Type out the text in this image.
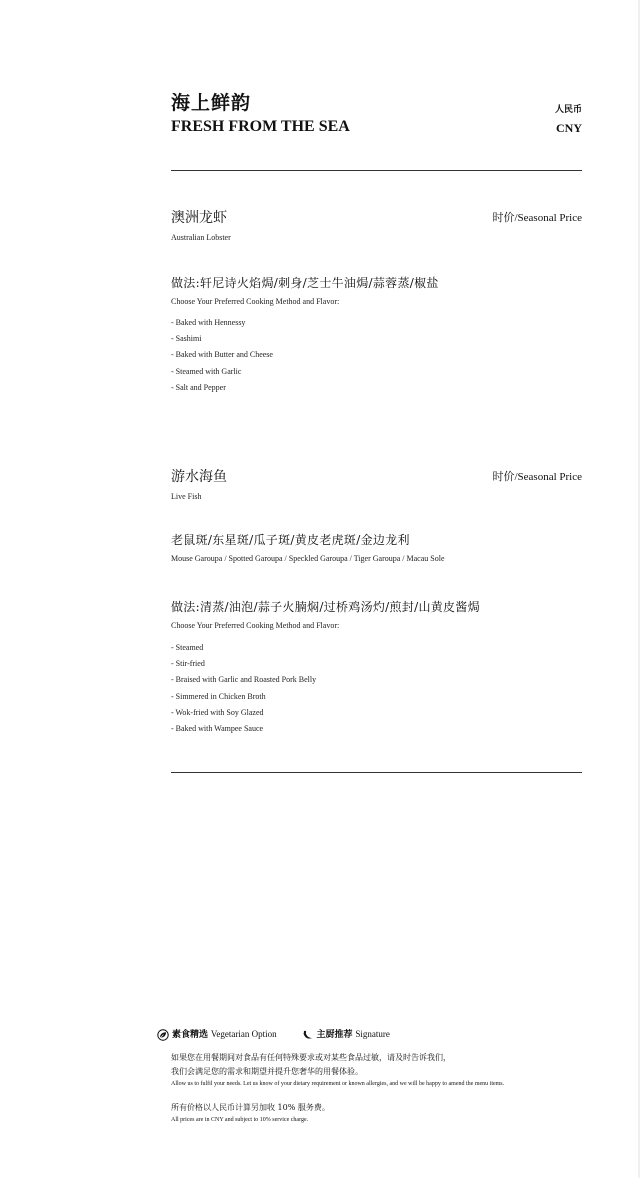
海上鲜韵
FRESH FROM THE SEA
人民币
CNY
澳洲龙虾
Australian Lobster
时价/Seasonal Price
做法:轩尼诗火焰焗/刺身/芝士牛油焗/蒜蓉蒸/椒盐
Choose Your Preferred Cooking Method and Flavor:
- Baked with Hennessy
- Sashimi
- Baked with Butter and Cheese
- Steamed with Garlic
- Salt and Pepper
游水海鱼
Live Fish
时价/Seasonal Price
老鼠斑/东星斑/瓜子斑/黄皮老虎斑/金边龙利
Mouse Garoupa / Spotted Garoupa / Speckled Garoupa / Tiger Garoupa / Macau Sole
做法:清蒸/油泡/蒜子火腩焖/过桥鸡汤灼/煎封/山黄皮酱焗
Choose Your Preferred Cooking Method and Flavor:
- Steamed
- Stir-fried
- Braised with Garlic and Roasted Pork Belly
- Simmered in Chicken Broth
- Wok-fried with Soy Glazed
- Baked with Wampee Sauce
素食精选 Vegetarian Option	主厨推荐 Signature
如果您在用餐期间对食品有任何特殊要求或对某些食品过敏，请及时告诉我们，
我们会满足您的需求和期望并提升您奢华的用餐体验。
Allow us to fulfil your needs. Let us know of your dietary requirement or known allergies, and we will be happy to amend the menu items.
所有价格以人民币计算另加收 10% 服务费。
All prices are in CNY and subject to 10% service charge.
